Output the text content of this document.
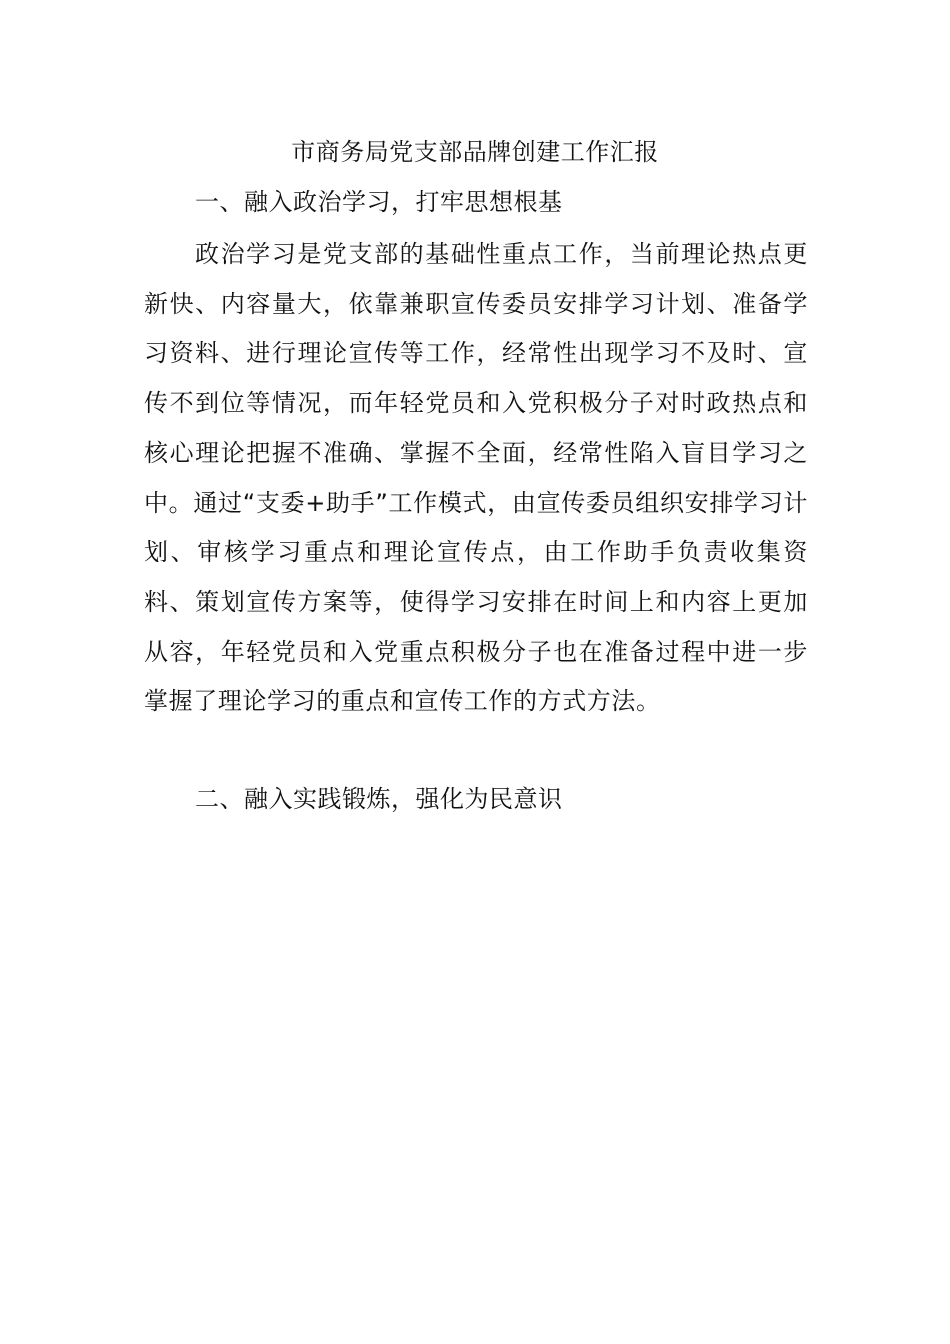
市商务局党支部品牌创建工作汇报
一、融入政治学习，打牢思想根基

政治学习是党支部的基础性重点工作，当前理论热点更新快、内容量大，依靠兼职宣传委员安排学习计划、准备学习资料、进行理论宣传等工作，经常性出现学习不及时、宣传不到位等情况，而年轻党员和入党积极分子对时政热点和核心理论把握不准确、掌握不全面，经常性陷入盲目学习之中。通过“支委+助手”工作模式，由宣传委员组织安排学习计划、审核学习重点和理论宣传点，由工作助手负责收集资料、策划宣传方案等，使得学习安排在时间上和内容上更加从容，年轻党员和入党重点积极分子也在准备过程中进一步掌握了理论学习的重点和宣传工作的方式方法。

二、融入实践锻炼，强化为民意识
